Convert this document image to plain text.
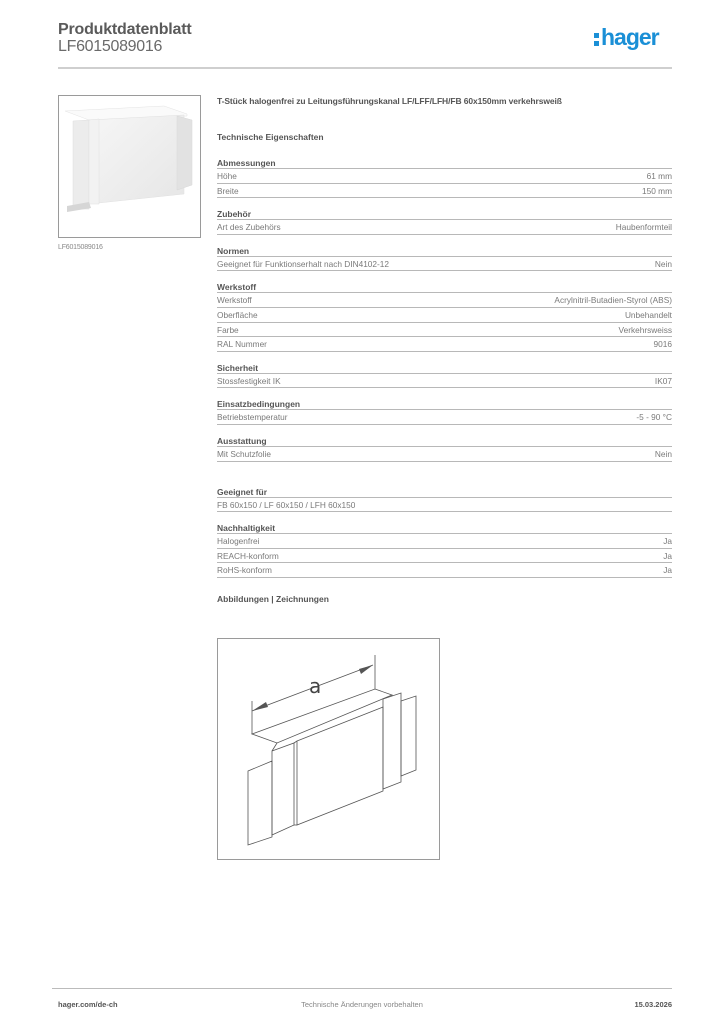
Produktdatenblatt
LF6015089016	hager
LF6015089016
T-Stück halogenfrei zu Leitungsführungskanal LF/LFF/LFH/FB 60x150mm verkehrsweiß
Technische Eigenschaften
Abmessungen
Höhe	61 mm
Breite	150 mm
Zubehör
Art des Zubehörs	Haubenformteil
Normen
Geeignet für Funktionserhalt nach DIN4102-12	Nein
Werkstoff
Werkstoff	Acrylnitril-Butadien-Styrol (ABS)
Oberfläche	Unbehandelt
Farbe	Verkehrsweiss
RAL Nummer	9016
Sicherheit
Stossfestigkeit IK	IK07
Einsatzbedingungen
Betriebstemperatur	-5 - 90 °C
Ausstattung
Mit Schutzfolie	Nein
Geeignet für
FB 60x150 / LF 60x150 / LFH 60x150
Nachhaltigkeit
Halogenfrei	Ja
REACH-konform	Ja
RoHS-konform	Ja
Abbildungen | Zeichnungen
a
hager.com/de-ch	Technische Änderungen vorbehalten	15.03.2026
